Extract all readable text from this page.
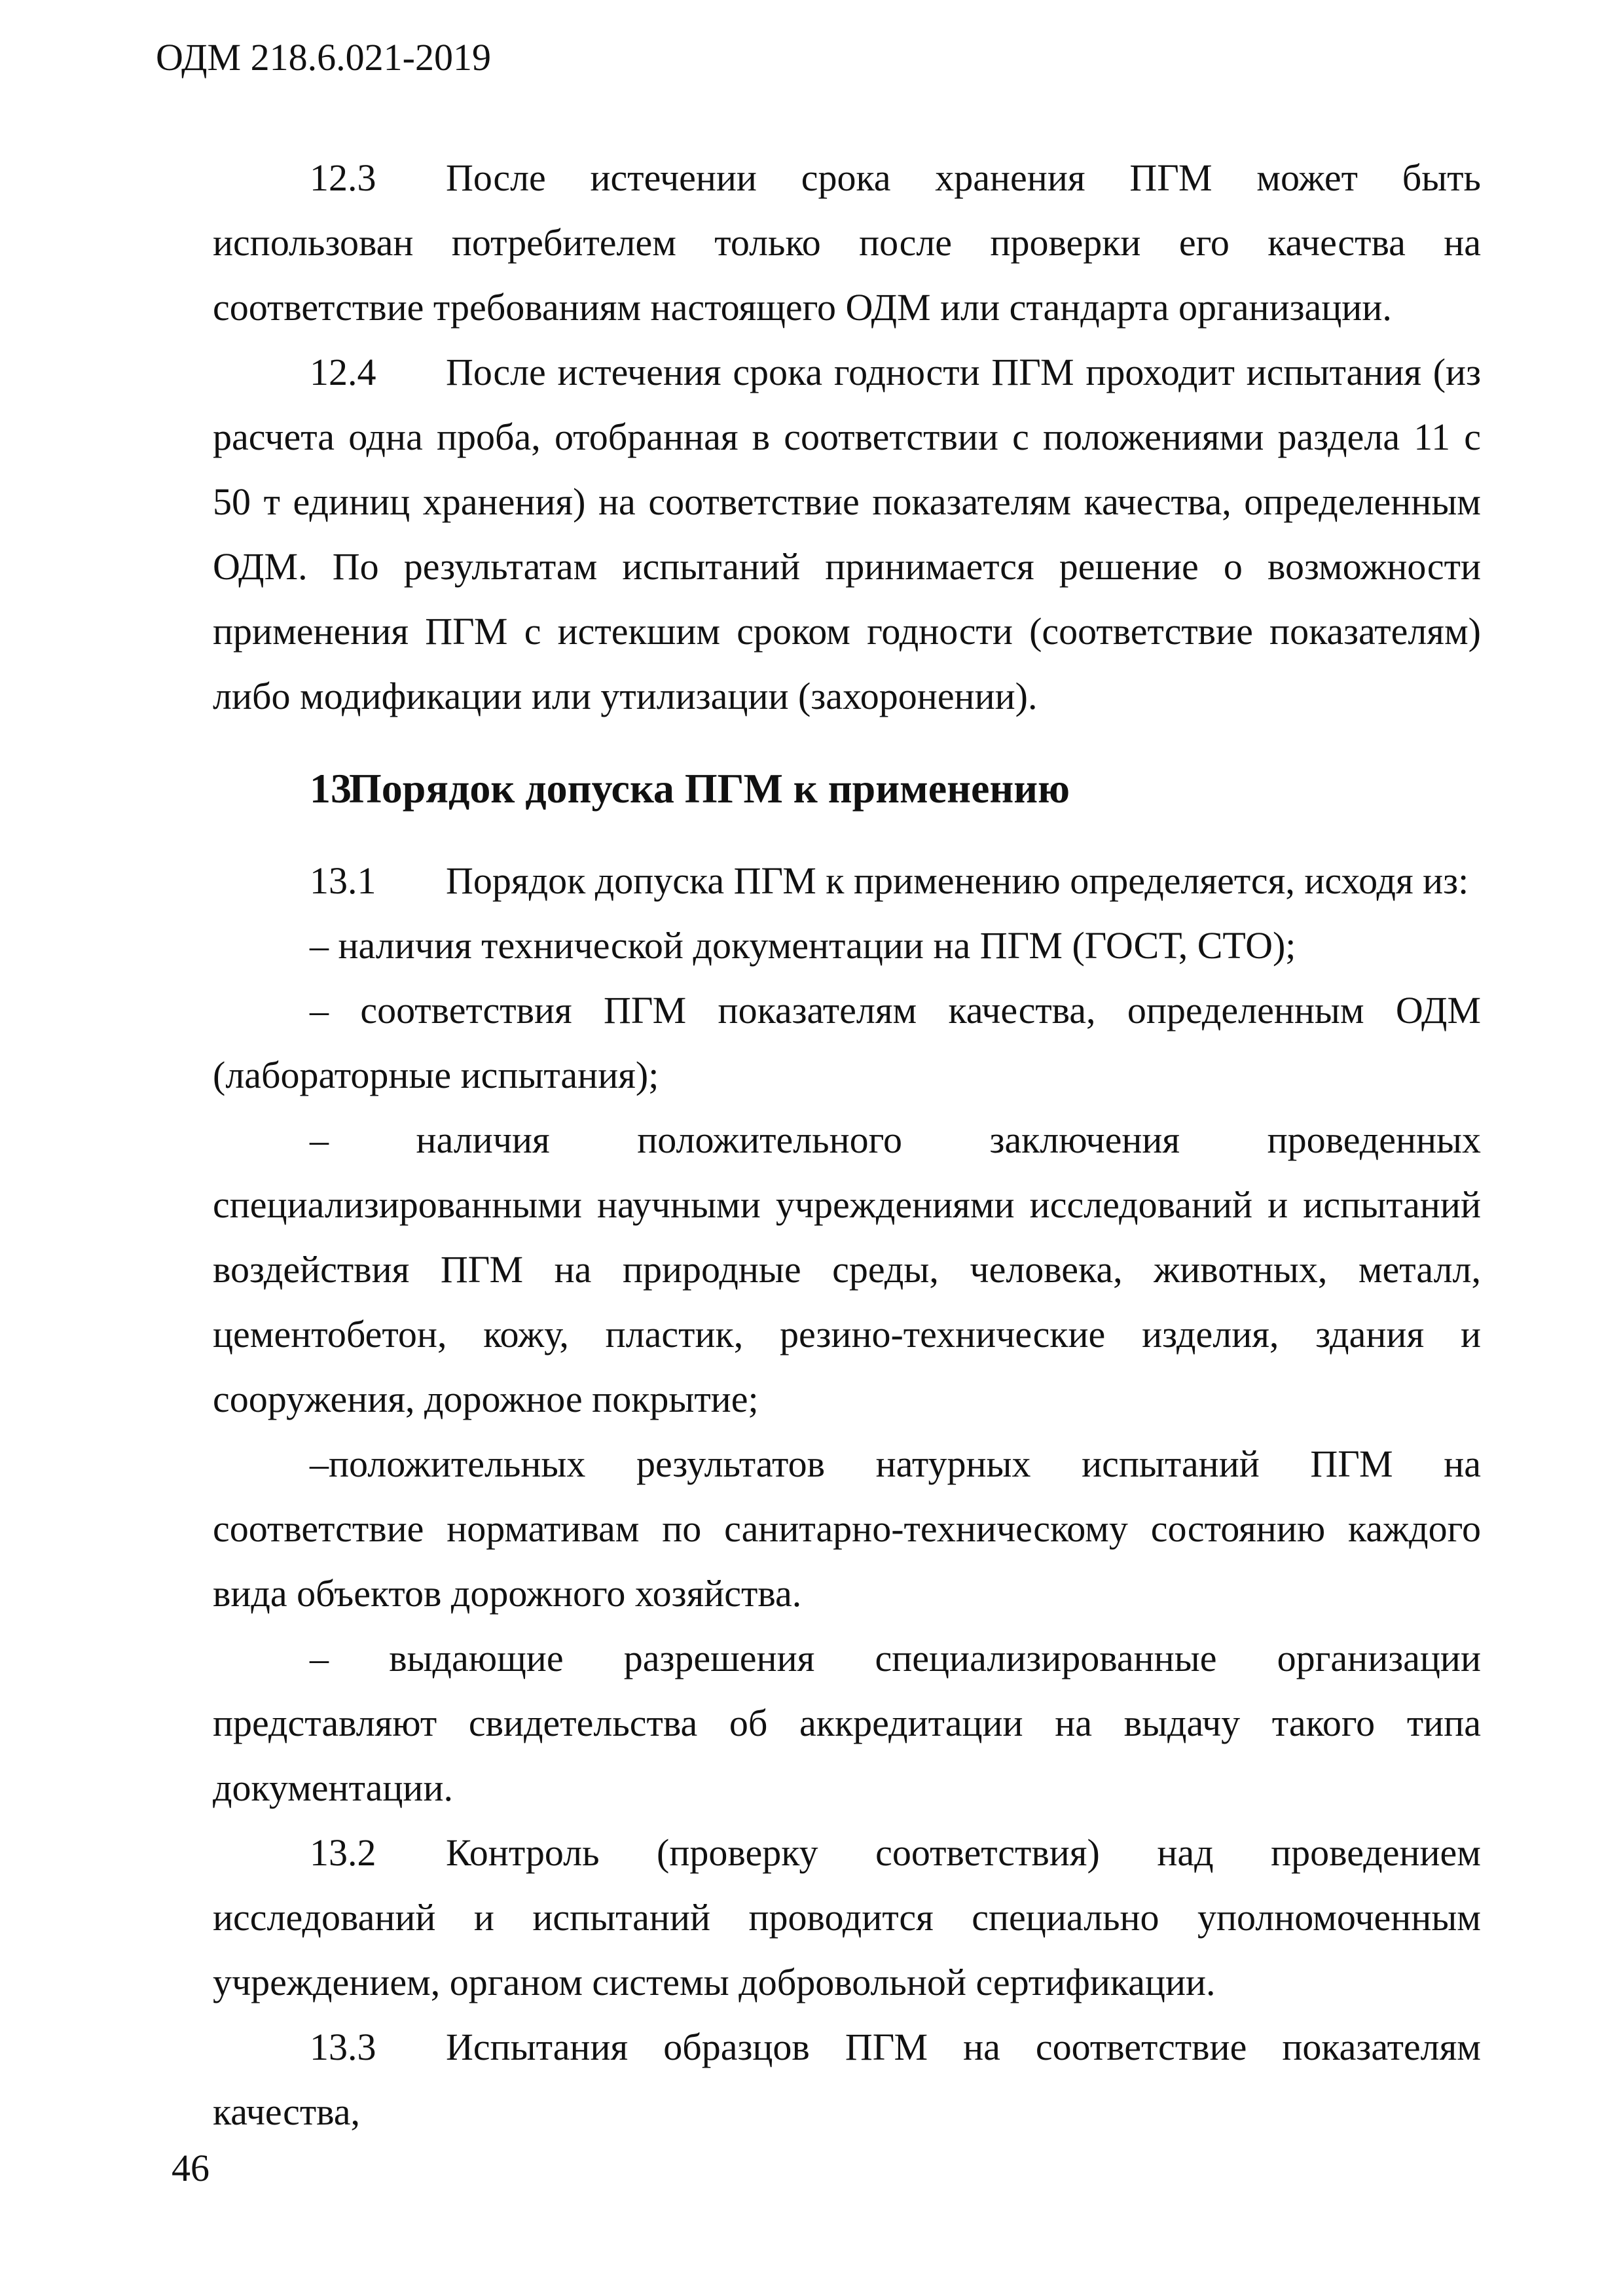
ОДМ 218.6.021-2019

12.3 После истечении срока хранения ПГМ может быть использован потребителем только после проверки его качества на соответствие требованиям настоящего ОДМ или стандарта организации.

12.4 После истечения срока годности ПГМ проходит испытания (из расчета одна проба, отобранная в соответствии с положениями раздела 11 с 50 т единиц хранения) на соответствие показателям качества, определенным ОДМ. По результатам испытаний принимается решение о возможности применения ПГМ с истекшим сроком годности (соответствие показателям) либо модификации или утилизации (захоронении).

13Порядок допуска ПГМ к применению

13.1 Порядок допуска ПГМ к применению определяется, исходя из:

– наличия технической документации на ПГМ (ГОСТ, СТО);

– соответствия ПГМ показателям качества, определенным ОДМ (лабораторные испытания);

– наличия положительного заключения проведенных специализированными научными учреждениями исследований и испытаний воздействия ПГМ на природные среды, человека, животных, металл, цементобетон, кожу, пластик, резино-технические изделия, здания и сооружения, дорожное покрытие;

–положительных результатов натурных испытаний ПГМ на соответствие нормативам по санитарно-техническому состоянию каждого вида объектов дорожного хозяйства.

– выдающие разрешения специализированные организации представляют свидетельства об аккредитации на выдачу такого типа документации.

13.2 Контроль (проверку соответствия) над проведением исследований и испытаний проводится специально уполномоченным учреждением, органом системы добровольной сертификации.

13.3 Испытания образцов ПГМ на соответствие показателям качества,

46
